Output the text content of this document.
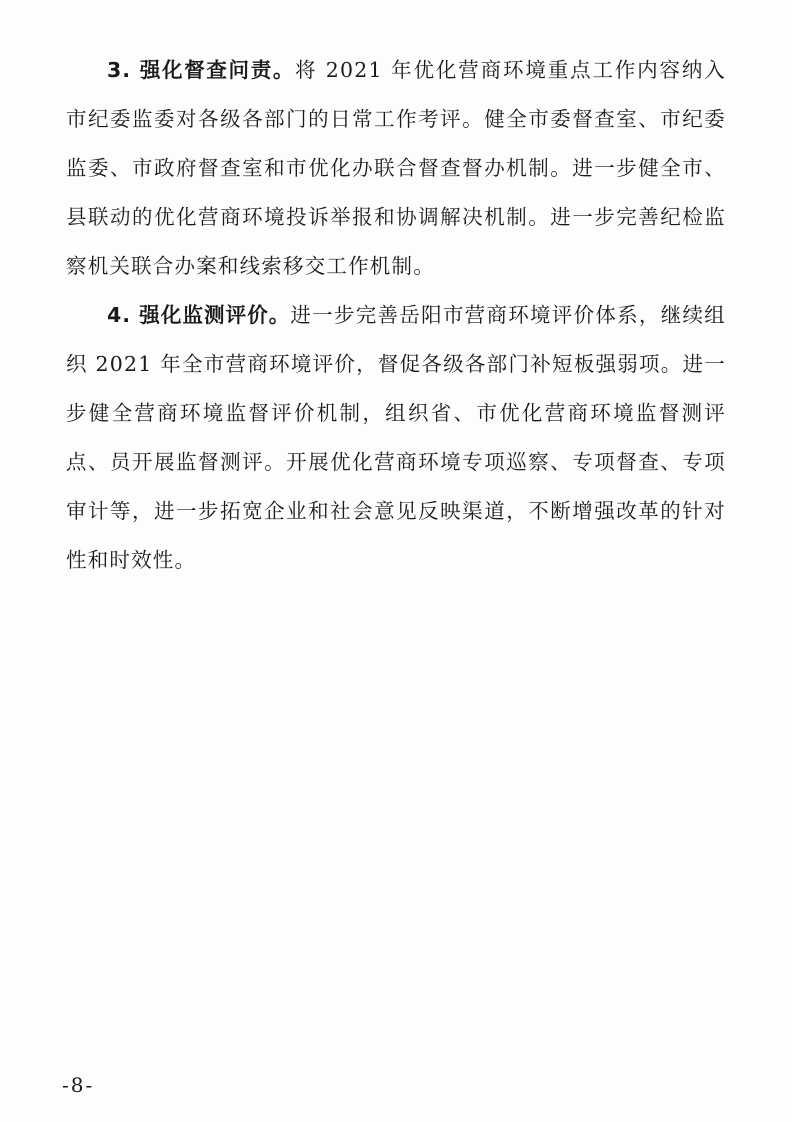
3. 强化督查问责。将 2021 年优化营商环境重点工作内容纳入市纪委监委对各级各部门的日常工作考评。健全市委督查室、市纪委监委、市政府督查室和市优化办联合督查督办机制。进一步健全市、县联动的优化营商环境投诉举报和协调解决机制。进一步完善纪检监察机关联合办案和线索移交工作机制。

4. 强化监测评价。进一步完善岳阳市营商环境评价体系，继续组织 2021 年全市营商环境评价，督促各级各部门补短板强弱项。进一步健全营商环境监督评价机制，组织省、市优化营商环境监督测评点、员开展监督测评。开展优化营商环境专项巡察、专项督查、专项审计等，进一步拓宽企业和社会意见反映渠道，不断增强改革的针对性和时效性。

-8-
